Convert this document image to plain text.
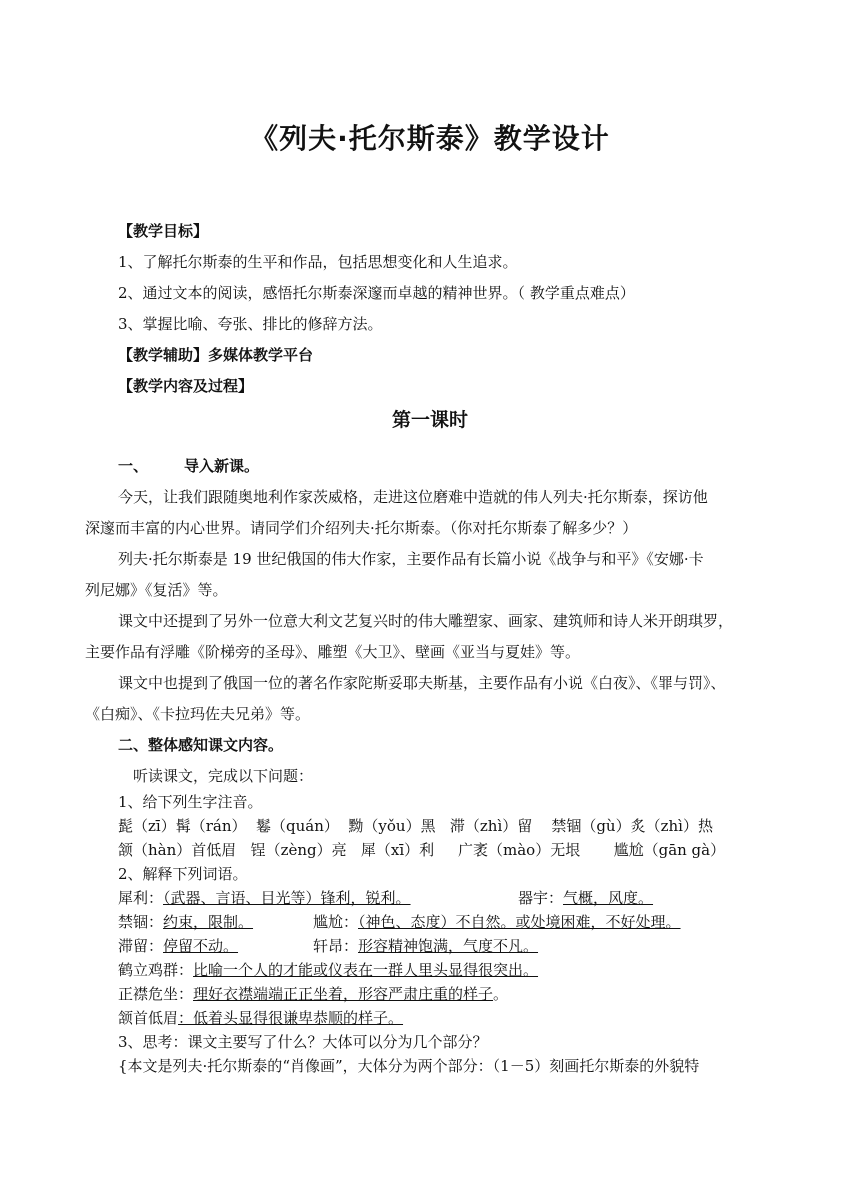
《列夫·托尔斯泰》教学设计
【教学目标】
1、了解托尔斯泰的生平和作品，包括思想变化和人生追求。
2、通过文本的阅读，感悟托尔斯泰深邃而卓越的精神世界。（ 教学重点难点）
3、掌握比喻、夸张、排比的修辞方法。
【教学辅助】多媒体教学平台
【教学内容及过程】
第一课时
一、 导入新课。
今天，让我们跟随奥地利作家茨威格，走进这位磨难中造就的伟人列夫·托尔斯泰，探访他
深邃而丰富的内心世界。请同学们介绍列夫·托尔斯泰。（你对托尔斯泰了解多少？）
列夫·托尔斯泰是 19 世纪俄国的伟大作家，主要作品有长篇小说《战争与和平》《安娜·卡
列尼娜》《复活》等。
课文中还提到了另外一位意大利文艺复兴时的伟大雕塑家、画家、建筑师和诗人米开朗琪罗，
主要作品有浮雕《阶梯旁的圣母》、雕塑《大卫》、壁画《亚当与夏娃》等。
课文中也提到了俄国一位的著名作家陀斯妥耶夫斯基，主要作品有小说《白夜》、《罪与罚》、
《白痴》、《卡拉玛佐夫兄弟》等。
二、整体感知课文内容。
听读课文，完成以下问题：
1、给下列生字注音。
髭（zī）髯（rán）  鬈（quán）  黝（yǒu）黑   滞（zhì）留    禁锢（gù）炙（zhì）热
颔（hàn）首低眉   锃（zèng）亮   犀（xī）利     广袤（mào）无垠       尴尬（gān gà）
2、解释下列词语。
犀利：（武器、言语、目光等）锋利，锐利。	器宇：气概，风度。
禁锢：约束，限制。	尴尬：（神色、态度）不自然。或处境困难，不好处理。
滞留：停留不动。	轩昂：形容精神饱满，气度不凡。
鹤立鸡群：比喻一个人的才能或仪表在一群人里头显得很突出。
正襟危坐：理好衣襟端端正正坐着，形容严肃庄重的样子。
颔首低眉：低着头显得很谦卑恭顺的样子。
3、思考：课文主要写了什么？大体可以分为几个部分？
{本文是列夫·托尔斯泰的“肖像画”，大体分为两个部分：（1－5）刻画托尔斯泰的外貌特
